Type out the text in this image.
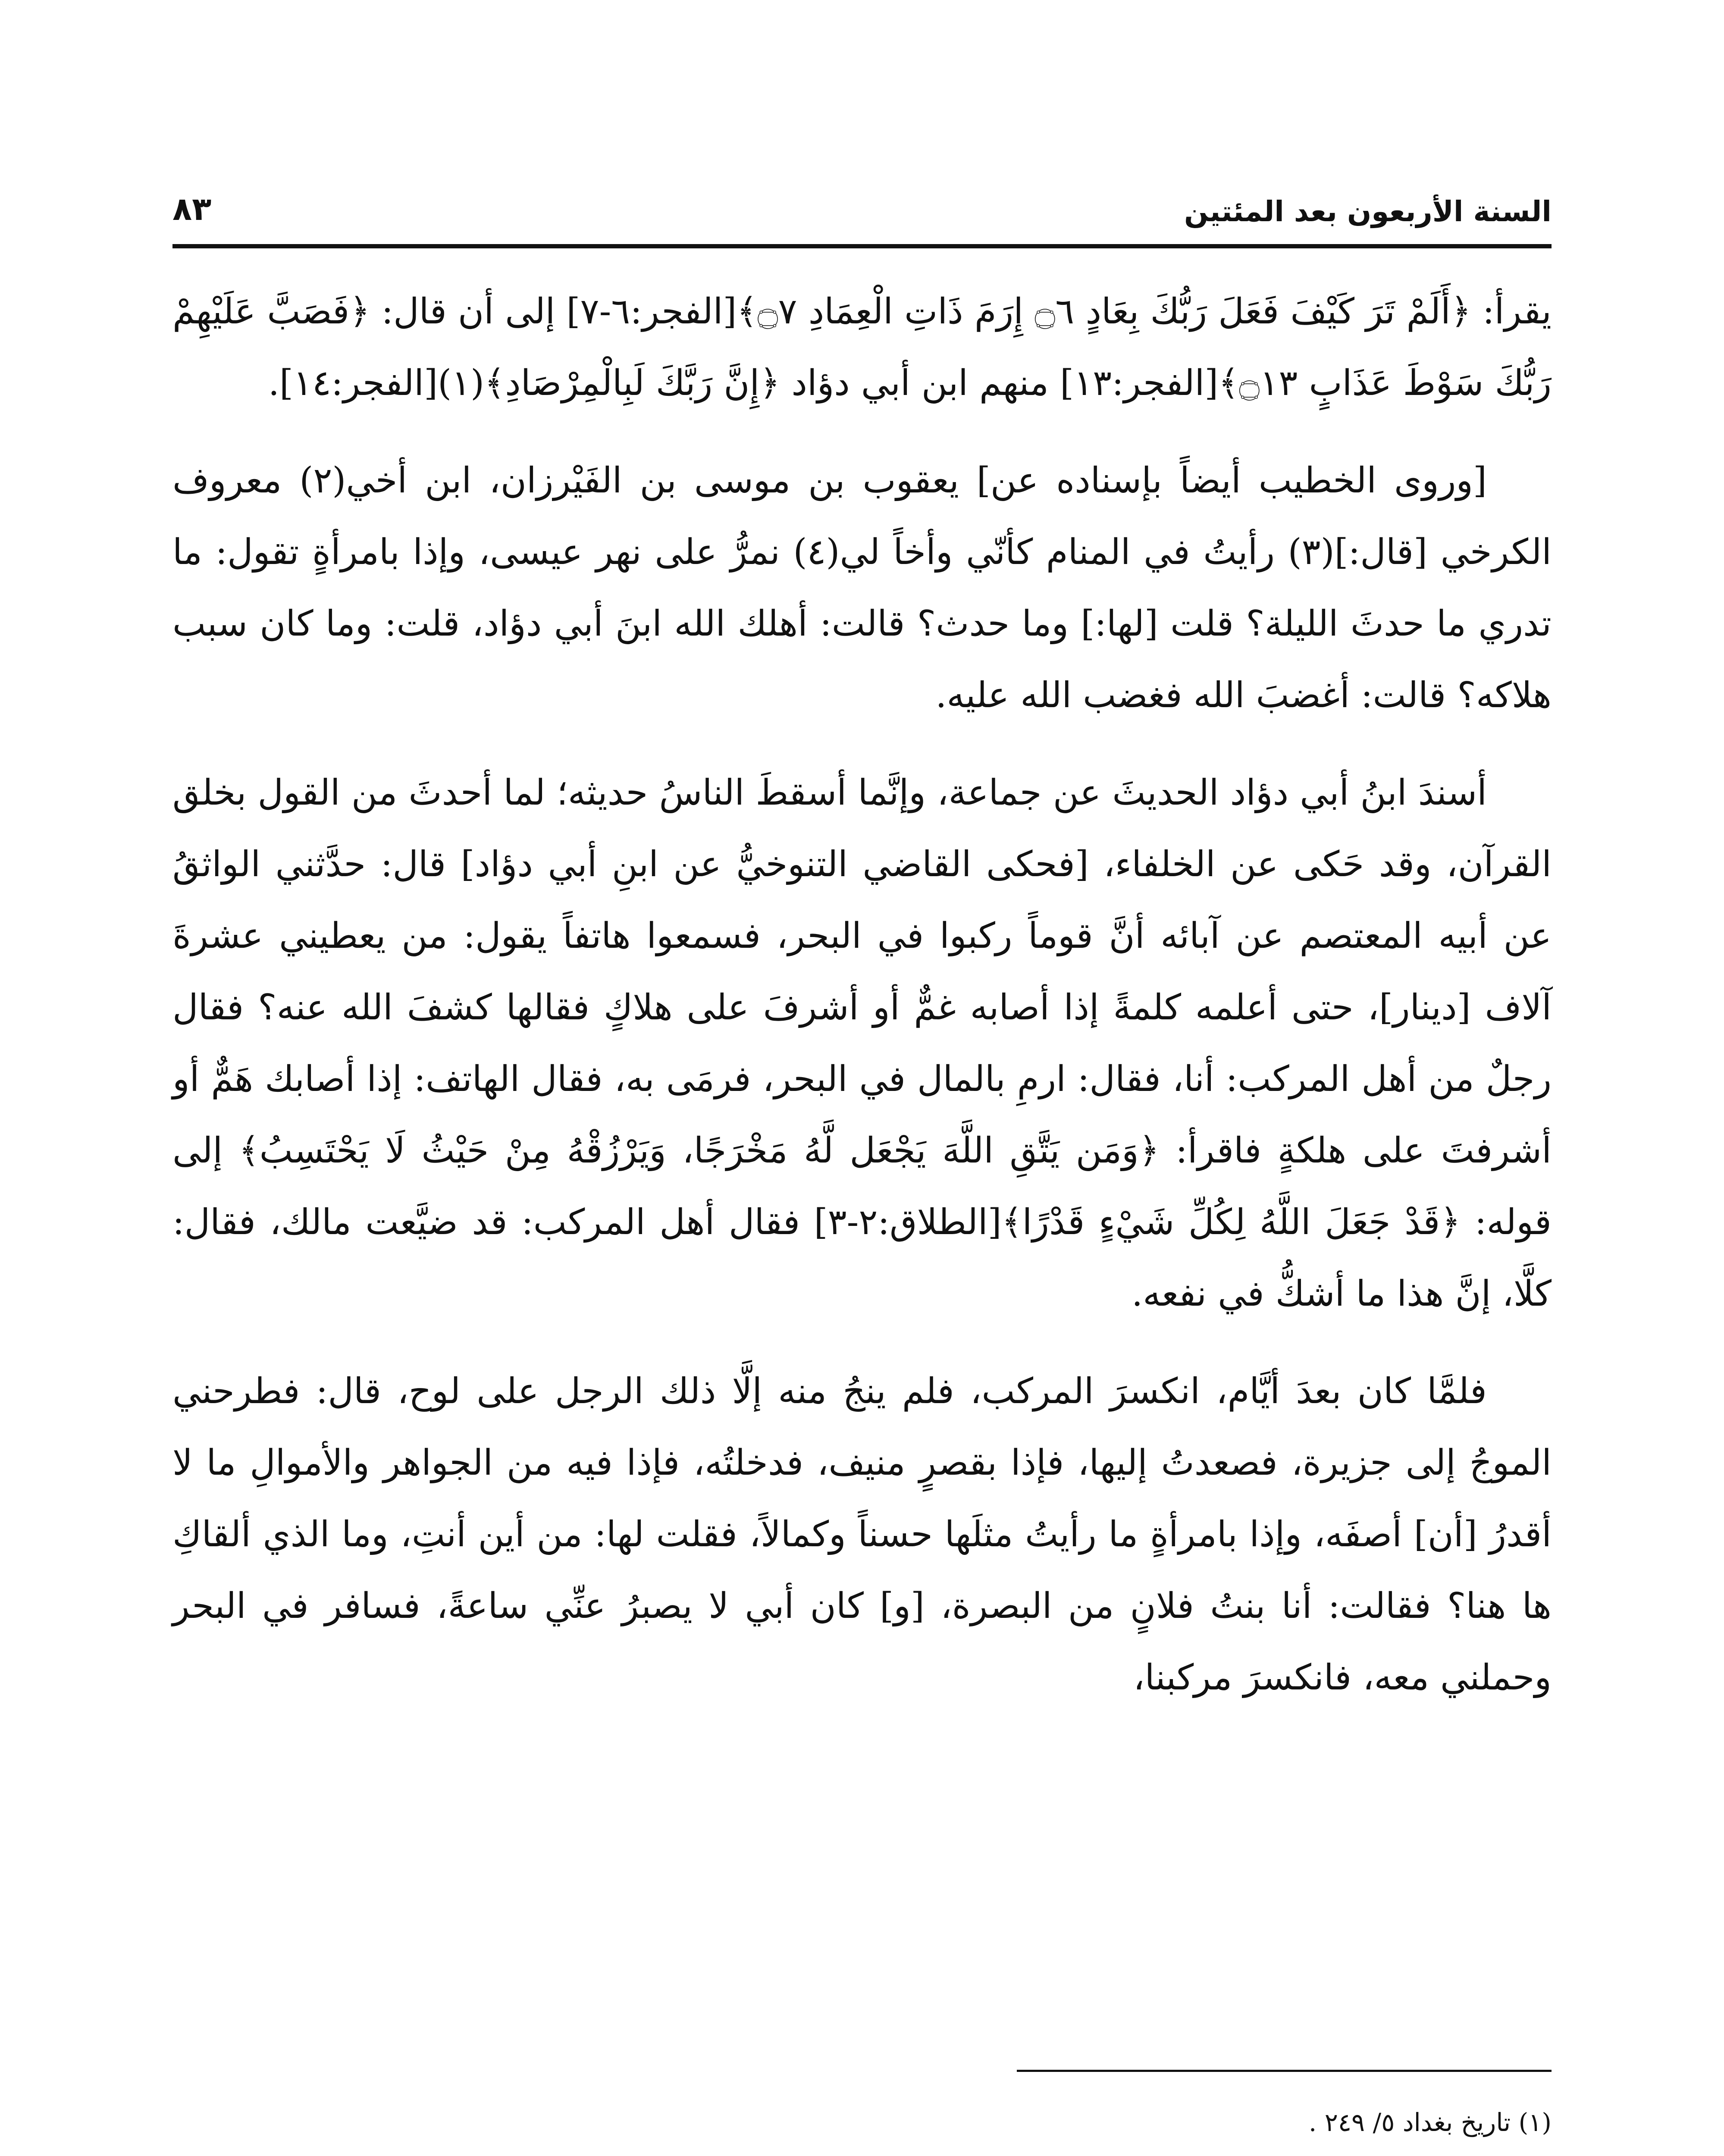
السنة الأربعون بعد المئتين
٨٣

يقرأ: ﴿أَلَمْ تَرَ كَيْفَ فَعَلَ رَبُّكَ بِعَادٍ ۝٦ إِرَمَ ذَاتِ الْعِمَادِ ۝٧﴾[الفجر:٦-٧] إلى أن قال: ﴿فَصَبَّ عَلَيْهِمْ رَبُّكَ سَوْطَ عَذَابٍ ۝١٣﴾[الفجر:١٣] منهم ابن أبي دؤاد ﴿إِنَّ رَبَّكَ لَبِالْمِرْصَادِ﴾(١)[الفجر:١٤].

[وروى الخطيب أيضاً بإسناده عن] يعقوب بن موسى بن الفَيْرزان، ابن أخي(٢) معروف الكرخي [قال:](٣) رأيتُ في المنام كأنّي وأخاً لي(٤) نمرُّ على نهر عيسى، وإذا بامرأةٍ تقول: ما تدري ما حدثَ الليلة؟ قلت [لها:] وما حدث؟ قالت: أهلك الله ابنَ أبي دؤاد، قلت: وما كان سبب هلاكه؟ قالت: أغضبَ الله فغضب الله عليه.

أسندَ ابنُ أبي دؤاد الحديثَ عن جماعة، وإنَّما أسقطَ الناسُ حديثه؛ لما أحدثَ من القول بخلق القرآن، وقد حَكى عن الخلفاء، [فحكى القاضي التنوخيُّ عن ابنِ أبي دؤاد] قال: حدَّثني الواثقُ عن أبيه المعتصم عن آبائه أنَّ قوماً ركبوا في البحر، فسمعوا هاتفاً يقول: من يعطيني عشرةَ آلاف [دينار]، حتى أعلمه كلمةً إذا أصابه غمٌّ أو أشرفَ على هلاكٍ فقالها كشفَ الله عنه؟ فقال رجلٌ من أهل المركب: أنا، فقال: ارمِ بالمال في البحر، فرمَى به، فقال الهاتف: إذا أصابك هَمٌّ أو أشرفتَ على هلكةٍ فاقرأ: ﴿وَمَن يَتَّقِ اللَّهَ يَجْعَل لَّهُ مَخْرَجًا، وَيَرْزُقْهُ مِنْ حَيْثُ لَا يَحْتَسِبُ﴾ إلى قوله: ﴿قَدْ جَعَلَ اللَّهُ لِكُلِّ شَيْءٍ قَدْرًا﴾[الطلاق:٢-٣] فقال أهل المركب: قد ضيَّعت مالك، فقال: كلَّا، إنَّ هذا ما أشكُّ في نفعه.

فلمَّا كان بعدَ أيَّام، انكسرَ المركب، فلم ينجُ منه إلَّا ذلك الرجل على لوح، قال: فطرحني الموجُ إلى جزيرة، فصعدتُ إليها، فإذا بقصرٍ منيف، فدخلتُه، فإذا فيه من الجواهر والأموالِ ما لا أقدرُ [أن] أصفَه، وإذا بامرأةٍ ما رأيتُ مثلَها حسناً وكمالاً، فقلت لها: من أين أنتِ، وما الذي ألقاكِ ها هنا؟ فقالت: أنا بنتُ فلانٍ من البصرة، [و] كان أبي لا يصبرُ عنِّي ساعةً، فسافر في البحر وحملني معه، فانكسرَ مركبنا،

(١) تاريخ بغداد ٥/ ٢٤٩ .
